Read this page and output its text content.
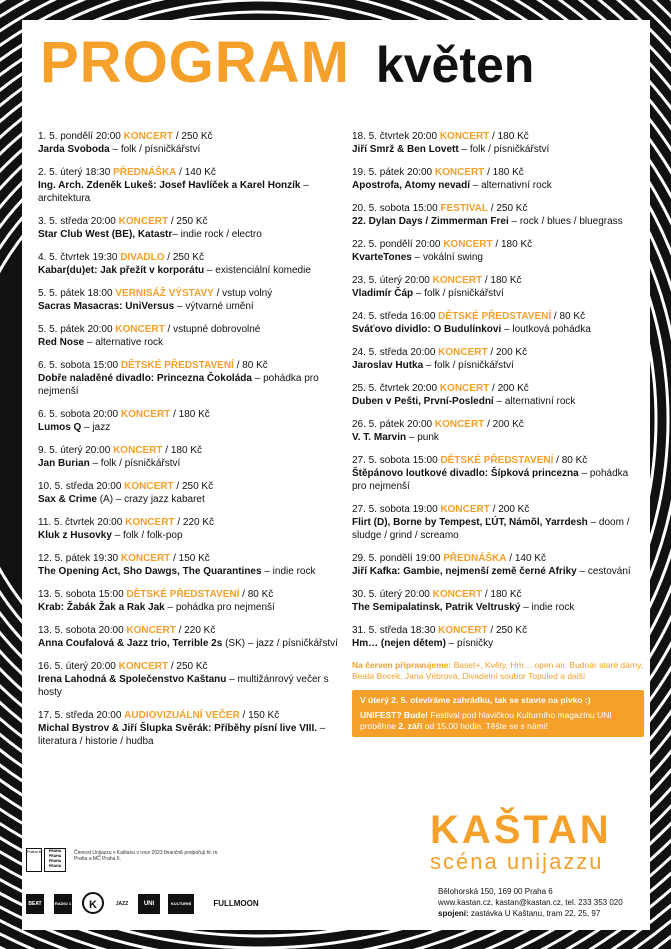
PROGRAM květen
1. 5. pondělí 20:00 KONCERT / 250 Kč
Jarda Svoboda – folk / písničkářství
2. 5. úterý 18:30 PŘEDNÁŠKA / 140 Kč
Ing. Arch. Zdeněk Lukeš: Josef Havlíček a Karel Honzík – architektura
3. 5. středa 20:00 KONCERT / 250 Kč
Star Club West (BE), Katastr– indie rock / electro
4. 5. čtvrtek 19:30 DIVADLO / 250 Kč
Kabar(du)et: Jak přežít v korporátu – existenciální komedie
5. 5. pátek 18:00 VERNISÁŽ VÝSTAVY / vstup volný
Sacras Masacras: UniVersus – výtvarné umění
5. 5. pátek 20:00 KONCERT / vstupné dobrovolné
Red Nose – alternative rock
6. 5. sobota 15:00 DĚTSKÉ PŘEDSTAVENÍ / 80 Kč
Dobře naladěné divadlo: Princezna Čokoláda – pohádka pro nejmenší
6. 5. sobota 20:00 KONCERT / 180 Kč
Lumos Q – jazz
9. 5. úterý 20:00 KONCERT / 180 Kč
Jan Burian – folk / písničkářství
10. 5. středa 20:00 KONCERT / 250 Kč
Sax & Crime (A) – crazy jazz kabaret
11. 5. čtvrtek 20:00 KONCERT / 220 Kč
Kluk z Husovky – folk / folk-pop
12. 5. pátek 19:30 KONCERT / 150 Kč
The Opening Act, Sho Dawgs, The Quarantines – indie rock
13. 5. sobota 15:00 DĚTSKÉ PŘEDSTAVENÍ / 80 Kč
Krab: Žabák Žak a Rak Jak – pohádka pro nejmenší
13. 5. sobota 20:00 KONCERT / 220 Kč
Anna Coufalová & Jazz trio, Terrible 2s (SK) – jazz / písničkářství
16. 5. úterý 20:00 KONCERT / 250 Kč
Irena Lahodná & Společenstvo Kaštanu – multižánrový večer s hosty
17. 5. středa 20:00 AUDIOVIZUÁLNÍ VEČER / 150 Kč
Michal Bystrov & Jiří Šlupka Svěrák: Příběhy písní live VIII. – literatura / historie / hudba
18. 5. čtvrtek 20:00 KONCERT / 180 Kč
Jiří Smrž & Ben Lovett – folk / písničkářství
19. 5. pátek 20:00 KONCERT / 180 Kč
Apostrofa, Atomy nevadí – alternativní rock
20. 5. sobota 15:00 FESTIVAL / 250 Kč
22. Dylan Days / Zimmerman Frei – rock / blues / bluegrass
22. 5. pondělí 20:00 KONCERT / 180 Kč
KvarteTones – vokální swing
23. 5. úterý 20:00 KONCERT / 180 Kč
Vladimír Čáp – folk / písničkářství
24. 5. středa 16:00 DĚTSKÉ PŘEDSTAVENÍ / 80 Kč
Sváťovo dividlo: O Budulínkovi – loutková pohádka
24. 5. středa 20:00 KONCERT / 200 Kč
Jaroslav Hutka – folk / písničkářství
25. 5. čtvrtek 20:00 KONCERT / 200 Kč
Duben v Pešti, První-Poslední – alternativní rock
26. 5. pátek 20:00 KONCERT / 200 Kč
V. T. Marvin – punk
27. 5. sobota 15:00 DĚTSKÉ PŘEDSTAVENÍ / 80 Kč
Štěpánovo loutkové divadlo: Šípková princezna – pohádka pro nejmenší
27. 5. sobota 19:00 KONCERT / 200 Kč
Flirt (D), Borne by Tempest, ĽÚT, Námõl, Yarrdesh – doom / sludge / grind / screamo
29. 5. pondělí 19:00 PŘEDNÁŠKA / 140 Kč
Jiří Kafka: Gambie, nejmenší země černé Afriky – cestování
30. 5. úterý 20:00 KONCERT / 180 Kč
The Semipalatinsk, Patrik Veltruský – indie rock
31. 5. středa 18:30 KONCERT / 250 Kč
Hm… (nejen dětem) – písničky
Na červen připravujeme: Baset+, Květy, Hm… open air, Budoár staré dámy, Beata Bocek, Jana Vébrová, Divadelní soubor Topuled a další
V úterý 2. 5. otevíráme zahrádku, tak se stavte na pivko :)
UNIFEST? Bude! Festival pod hlavičkou Kulturního magazínu UNI proběhne 2. září od 15.00 hodin. Těšte se s námi!
KAŠTAN
scéna unijazzu
Bělohorská 150, 169 00 Praha 6
www.kastan.cz, kastan@kastan.cz, tel. 233 353 020
spojení: zastávka U Kaštanu, tram 22, 25, 97
Praha 6	PRAHA PRAHA PRAHA PRAHA
Činnost Unijazzu v Kaštanu v roce 2023 finančně podpořují hl. m. Praha a MČ Praha 6.
BEAT	RADIO 1	K	JAZZ	UNI	KULTURNÍ	FULLMOON
